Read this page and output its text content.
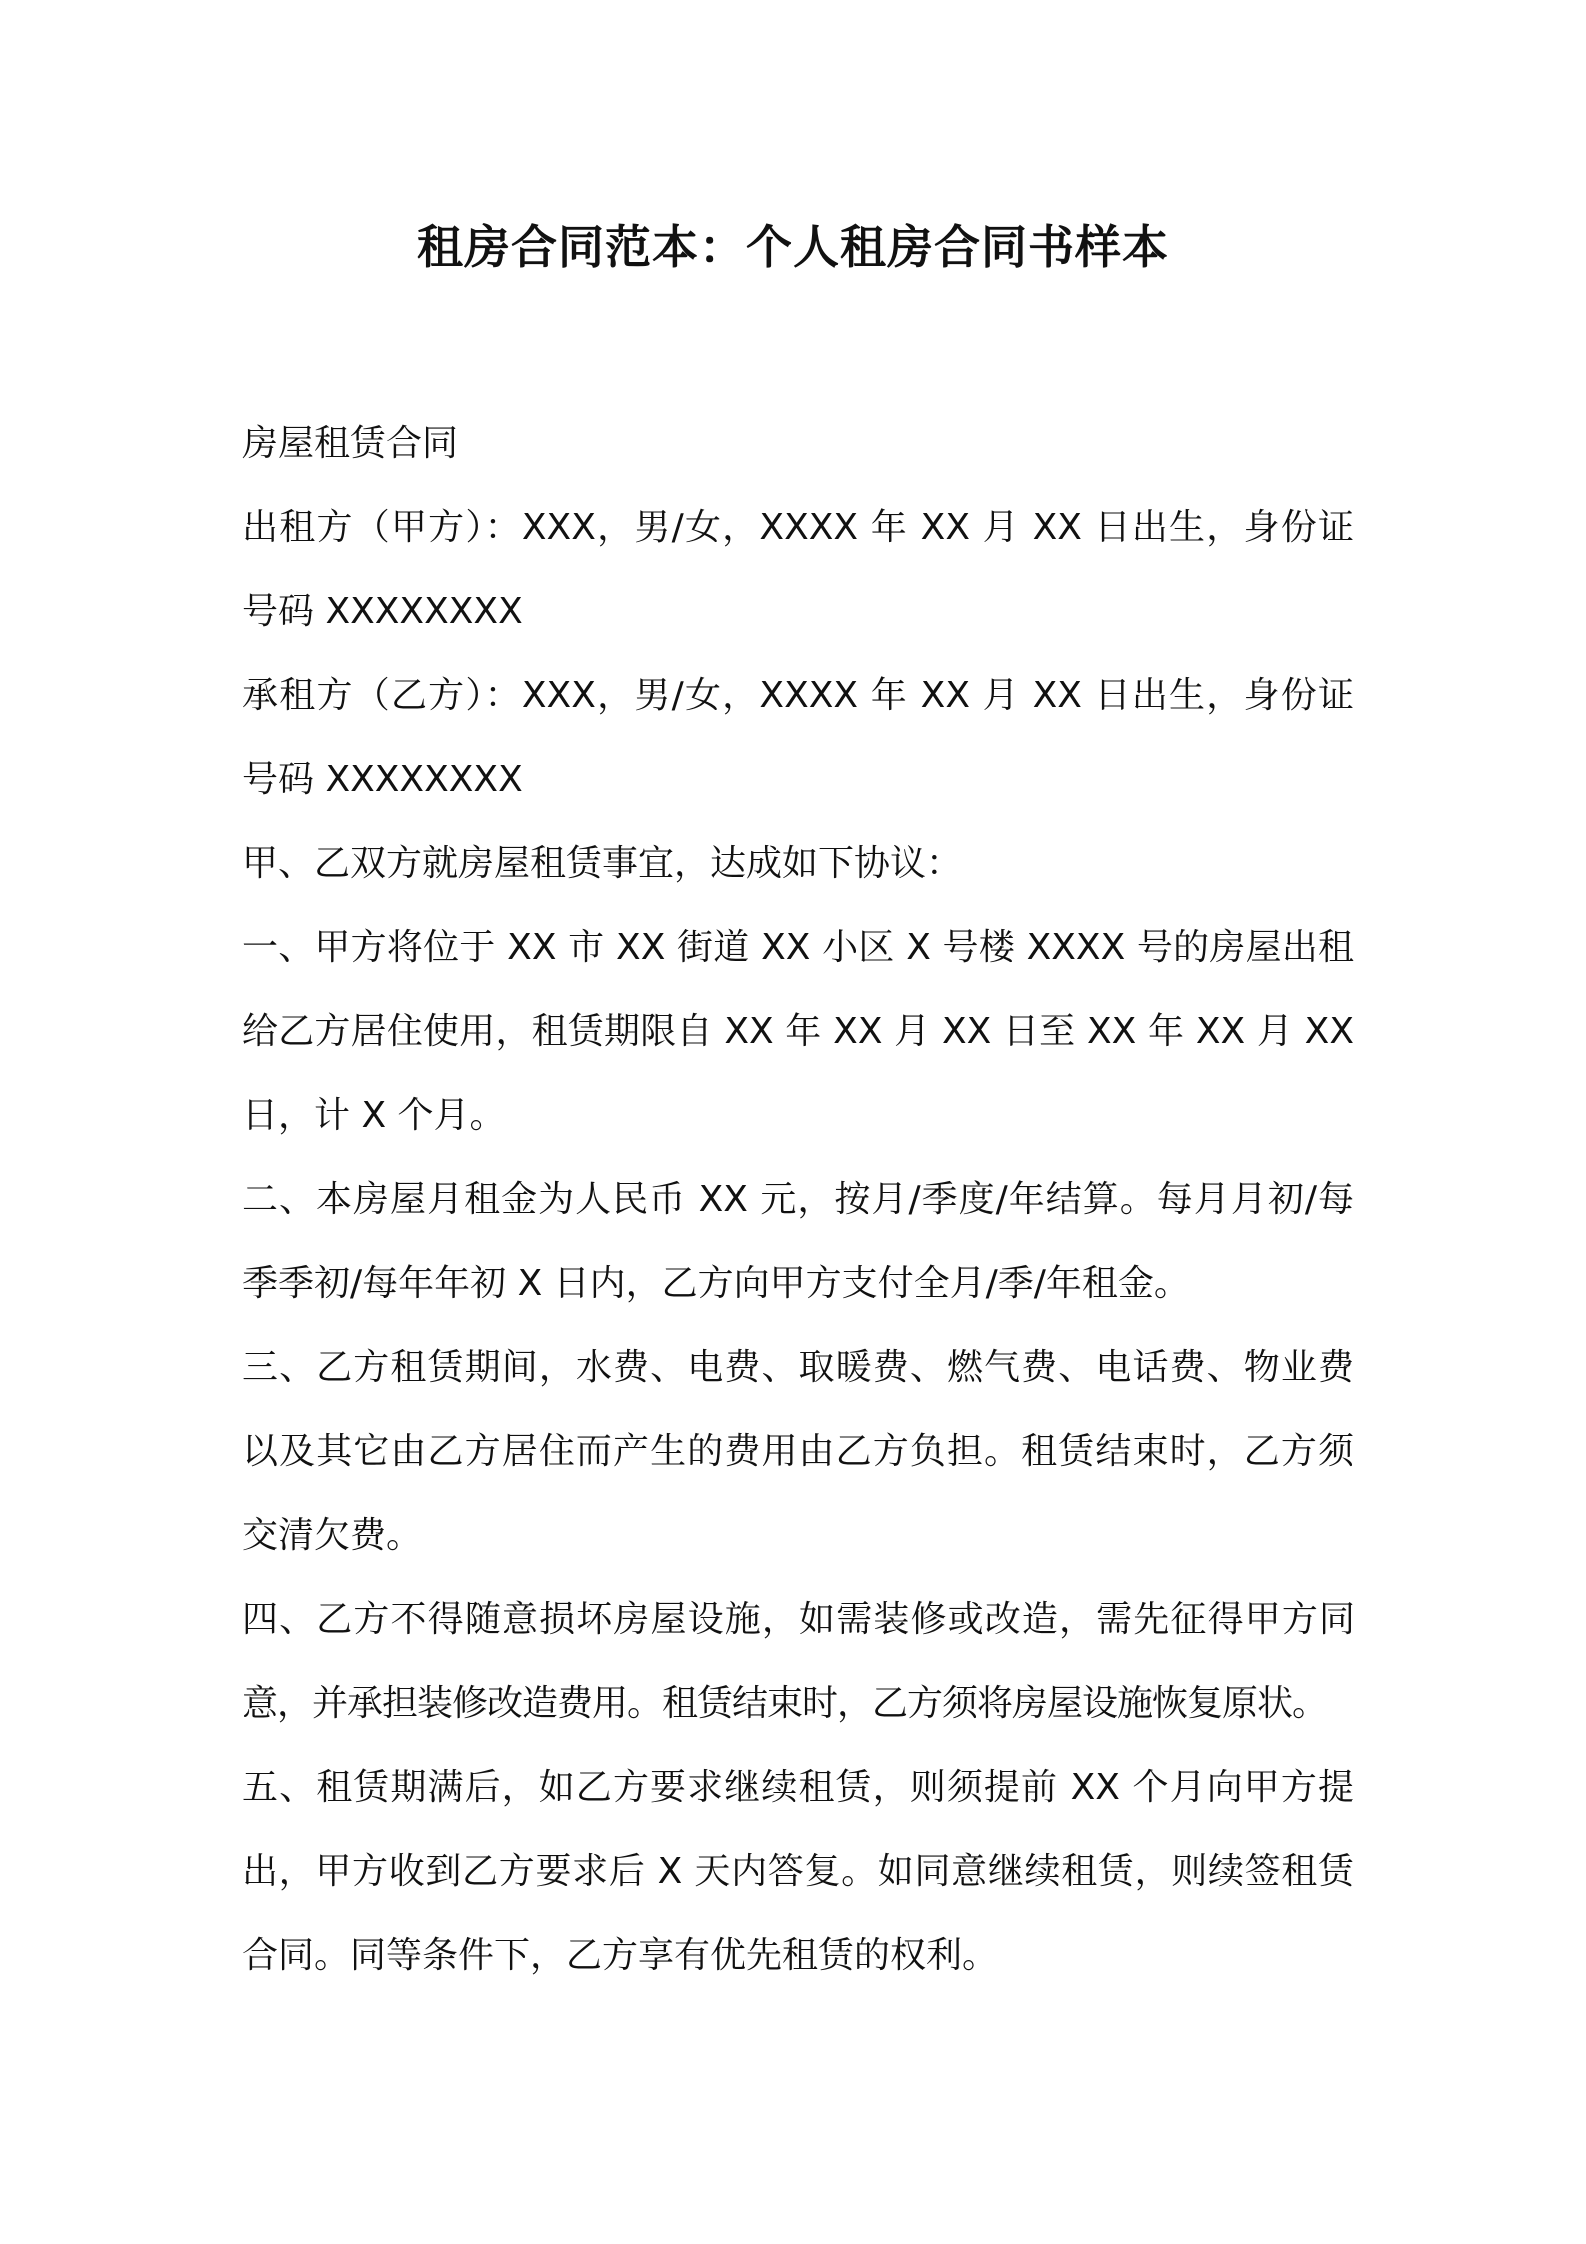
租房合同范本：个人租房合同书样本

房屋租赁合同

出租方（甲方）：XXX，男/女，XXXX 年 XX 月 XX 日出生，身份证号码 XXXXXXXX

承租方（乙方）：XXX，男/女，XXXX 年 XX 月 XX 日出生，身份证号码 XXXXXXXX

甲、乙双方就房屋租赁事宜，达成如下协议：

一、甲方将位于 XX 市 XX 街道 XX 小区 X 号楼 XXXX 号的房屋出租给乙方居住使用，租赁期限自 XX 年 XX 月 XX 日至 XX 年 XX 月 XX 日，计 X 个月。

二、本房屋月租金为人民币 XX 元，按月/季度/年结算。每月月初/每季季初/每年年初 X 日内，乙方向甲方支付全月/季/年租金。

三、乙方租赁期间，水费、电费、取暖费、燃气费、电话费、物业费以及其它由乙方居住而产生的费用由乙方负担。租赁结束时，乙方须交清欠费。

四、乙方不得随意损坏房屋设施，如需装修或改造，需先征得甲方同意，并承担装修改造费用。租赁结束时，乙方须将房屋设施恢复原状。

五、租赁期满后，如乙方要求继续租赁，则须提前 XX 个月向甲方提出，甲方收到乙方要求后 X 天内答复。如同意继续租赁，则续签租赁合同。同等条件下，乙方享有优先租赁的权利。
